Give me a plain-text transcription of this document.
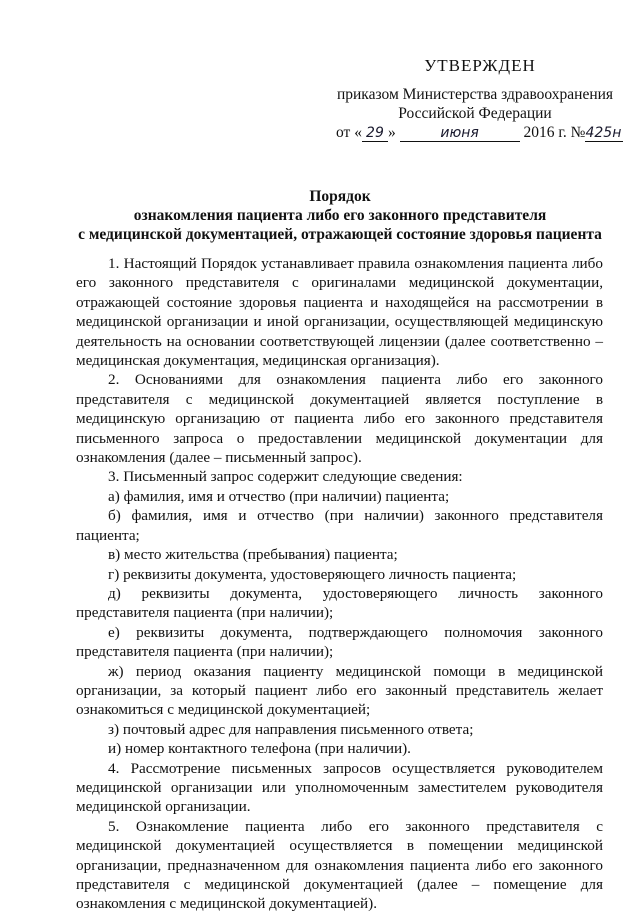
УТВЕРЖДЕН
приказом Министерства здравоохранения
Российской Федерации
от « 29 »	июня	2016 г. №425н
Порядок
ознакомления пациента либо его законного представителя
с медицинской документацией, отражающей состояние здоровья пациента

1. Настоящий Порядок устанавливает правила ознакомления пациента либо его законного представителя с оригиналами медицинской документации, отражающей состояние здоровья пациента и находящейся на рассмотрении в медицинской организации и иной организации, осуществляющей медицинскую деятельность на основании соответствующей лицензии (далее соответственно – медицинская документация, медицинская организация).

2. Основаниями для ознакомления пациента либо его законного представителя с медицинской документацией является поступление в медицинскую организацию от пациента либо его законного представителя письменного запроса о предоставлении медицинской документации для ознакомления (далее – письменный запрос).

3. Письменный запрос содержит следующие сведения:

а) фамилия, имя и отчество (при наличии) пациента;

б) фамилия, имя и отчество (при наличии) законного представителя пациента;

в) место жительства (пребывания) пациента;

г) реквизиты документа, удостоверяющего личность пациента;

д) реквизиты документа, удостоверяющего личность законного представителя пациента (при наличии);

е) реквизиты документа, подтверждающего полномочия законного представителя пациента (при наличии);

ж) период оказания пациенту медицинской помощи в медицинской организации, за который пациент либо его законный представитель желает ознакомиться с медицинской документацией;

з) почтовый адрес для направления письменного ответа;

и) номер контактного телефона (при наличии).

4. Рассмотрение письменных запросов осуществляется руководителем медицинской организации или уполномоченным заместителем руководителя медицинской организации.

5. Ознакомление пациента либо его законного представителя с медицинской документацией осуществляется в помещении медицинской организации, предназначенном для ознакомления пациента либо его законного представителя с медицинской документацией (далее – помещение для ознакомления с медицинской документацией).
